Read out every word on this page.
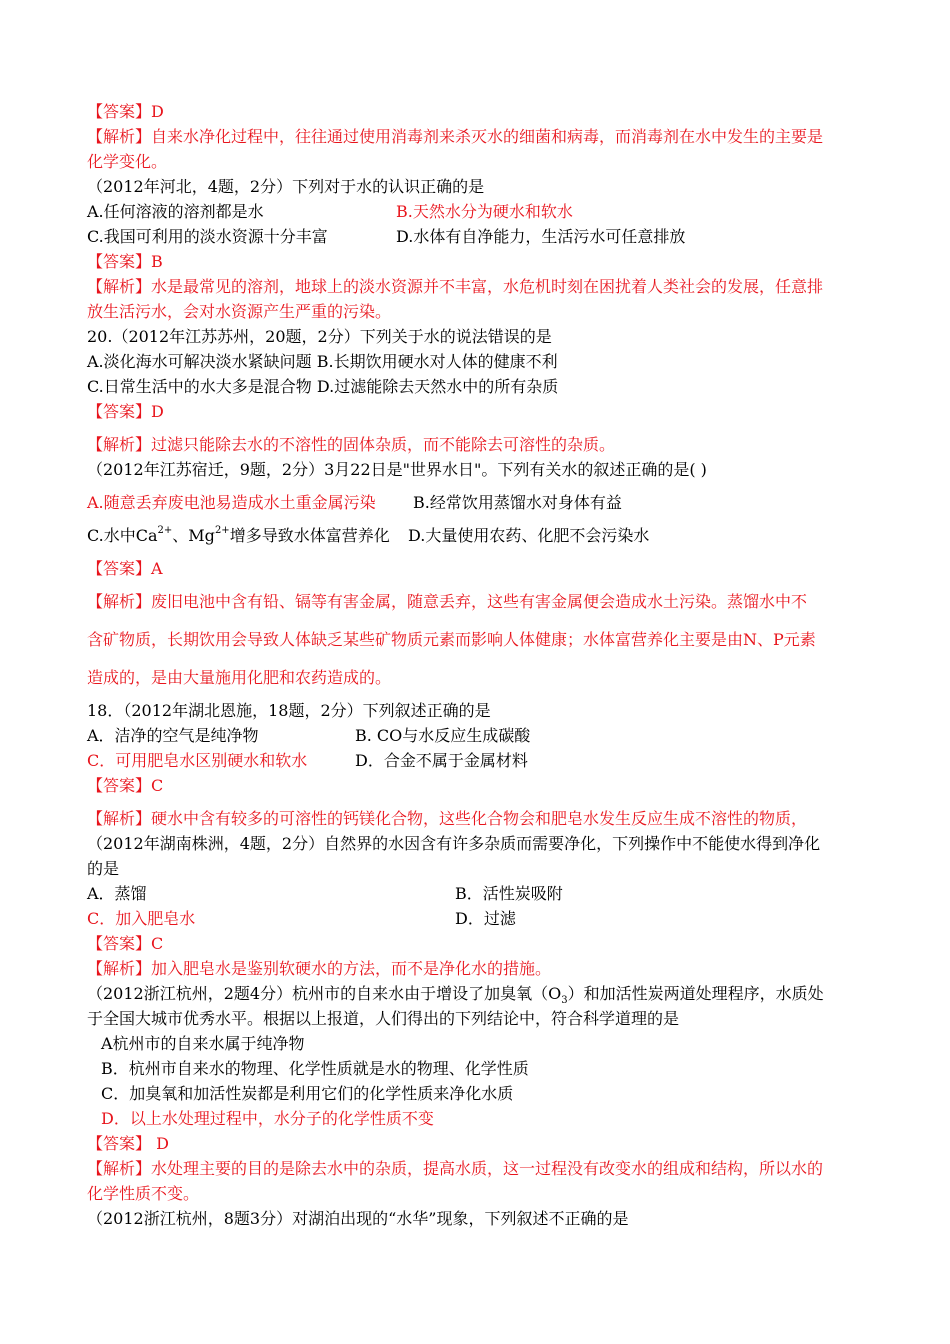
【答案】D
【解析】自来水净化过程中，往往通过使用消毒剂来杀灭水的细菌和病毒，而消毒剂在水中发生的主要是
化学变化。
（2012年河北，4题，2分）下列对于水的认识正确的是
A.任何溶液的溶剂都是水	B.天然水分为硬水和软水
C.我国可利用的淡水资源十分丰富	D.水体有自净能力，生活污水可任意排放
【答案】B
【解析】水是最常见的溶剂，地球上的淡水资源并不丰富，水危机时刻在困扰着人类社会的发展，任意排
放生活污水，会对水资源产生严重的污染。
20.（2012年江苏苏州，20题，2分）下列关于水的说法错误的是
A.淡化海水可解决淡水紧缺问题 B.长期饮用硬水对人体的健康不利
C.日常生活中的水大多是混合物 D.过滤能除去天然水中的所有杂质
【答案】D
【解析】过滤只能除去水的不溶性的固体杂质，而不能除去可溶性的杂质。
（2012年江苏宿迁，9题，2分）3月22日是"世界水日"。下列有关水的叙述正确的是( )
A.随意丢弃废电池易造成水土重金属污染 B.经常饮用蒸馏水对身体有益
C.水中$Ca^{2+}$、$Mg^{2+}$增多导致水体富营养化 D.大量使用农药、化肥不会污染水
【答案】A
【解析】废旧电池中含有铅、镉等有害金属，随意丢弃，这些有害金属便会造成水土污染。蒸馏水中不
含矿物质，长期饮用会导致人体缺乏某些矿物质元素而影响人体健康；水体富营养化主要是由N、P元素
造成的，是由大量施用化肥和农药造成的。
18．（2012年湖北恩施，18题，2分）下列叙述正确的是
A．洁净的空气是纯净物	B. CO与水反应生成碳酸
C．可用肥皂水区别硬水和软水	D．合金不属于金属材料
【答案】C
【解析】硬水中含有较多的可溶性的钙镁化合物，这些化合物会和肥皂水发生反应生成不溶性的物质，
（2012年湖南株洲，4题，2分）自然界的水因含有许多杂质而需要净化，下列操作中不能使水得到净化
的是
A．蒸馏	B．活性炭吸附
C．加入肥皂水	D．过滤
【答案】C
【解析】加入肥皂水是鉴别软硬水的方法，而不是净化水的措施。
（2012浙江杭州，2题4分）杭州市的自来水由于增设了加臭氧$(O_3)$和加活性炭两道处理程序，水质处
于全国大城市优秀水平。根据以上报道，人们得出的下列结论中，符合科学道理的是
A杭州市的自来水属于纯净物
B．杭州市自来水的物理、化学性质就是水的物理、化学性质
C．加臭氧和加活性炭都是利用它们的化学性质来净化水质
D．以上水处理过程中，水分子的化学性质不变
【答案】 D
【解析】水处理主要的目的是除去水中的杂质，提高水质，这一过程没有改变水的组成和结构，所以水的
化学性质不变。
（2012浙江杭州，8题3分）对湖泊出现的“水华”现象，下列叙述不正确的是
